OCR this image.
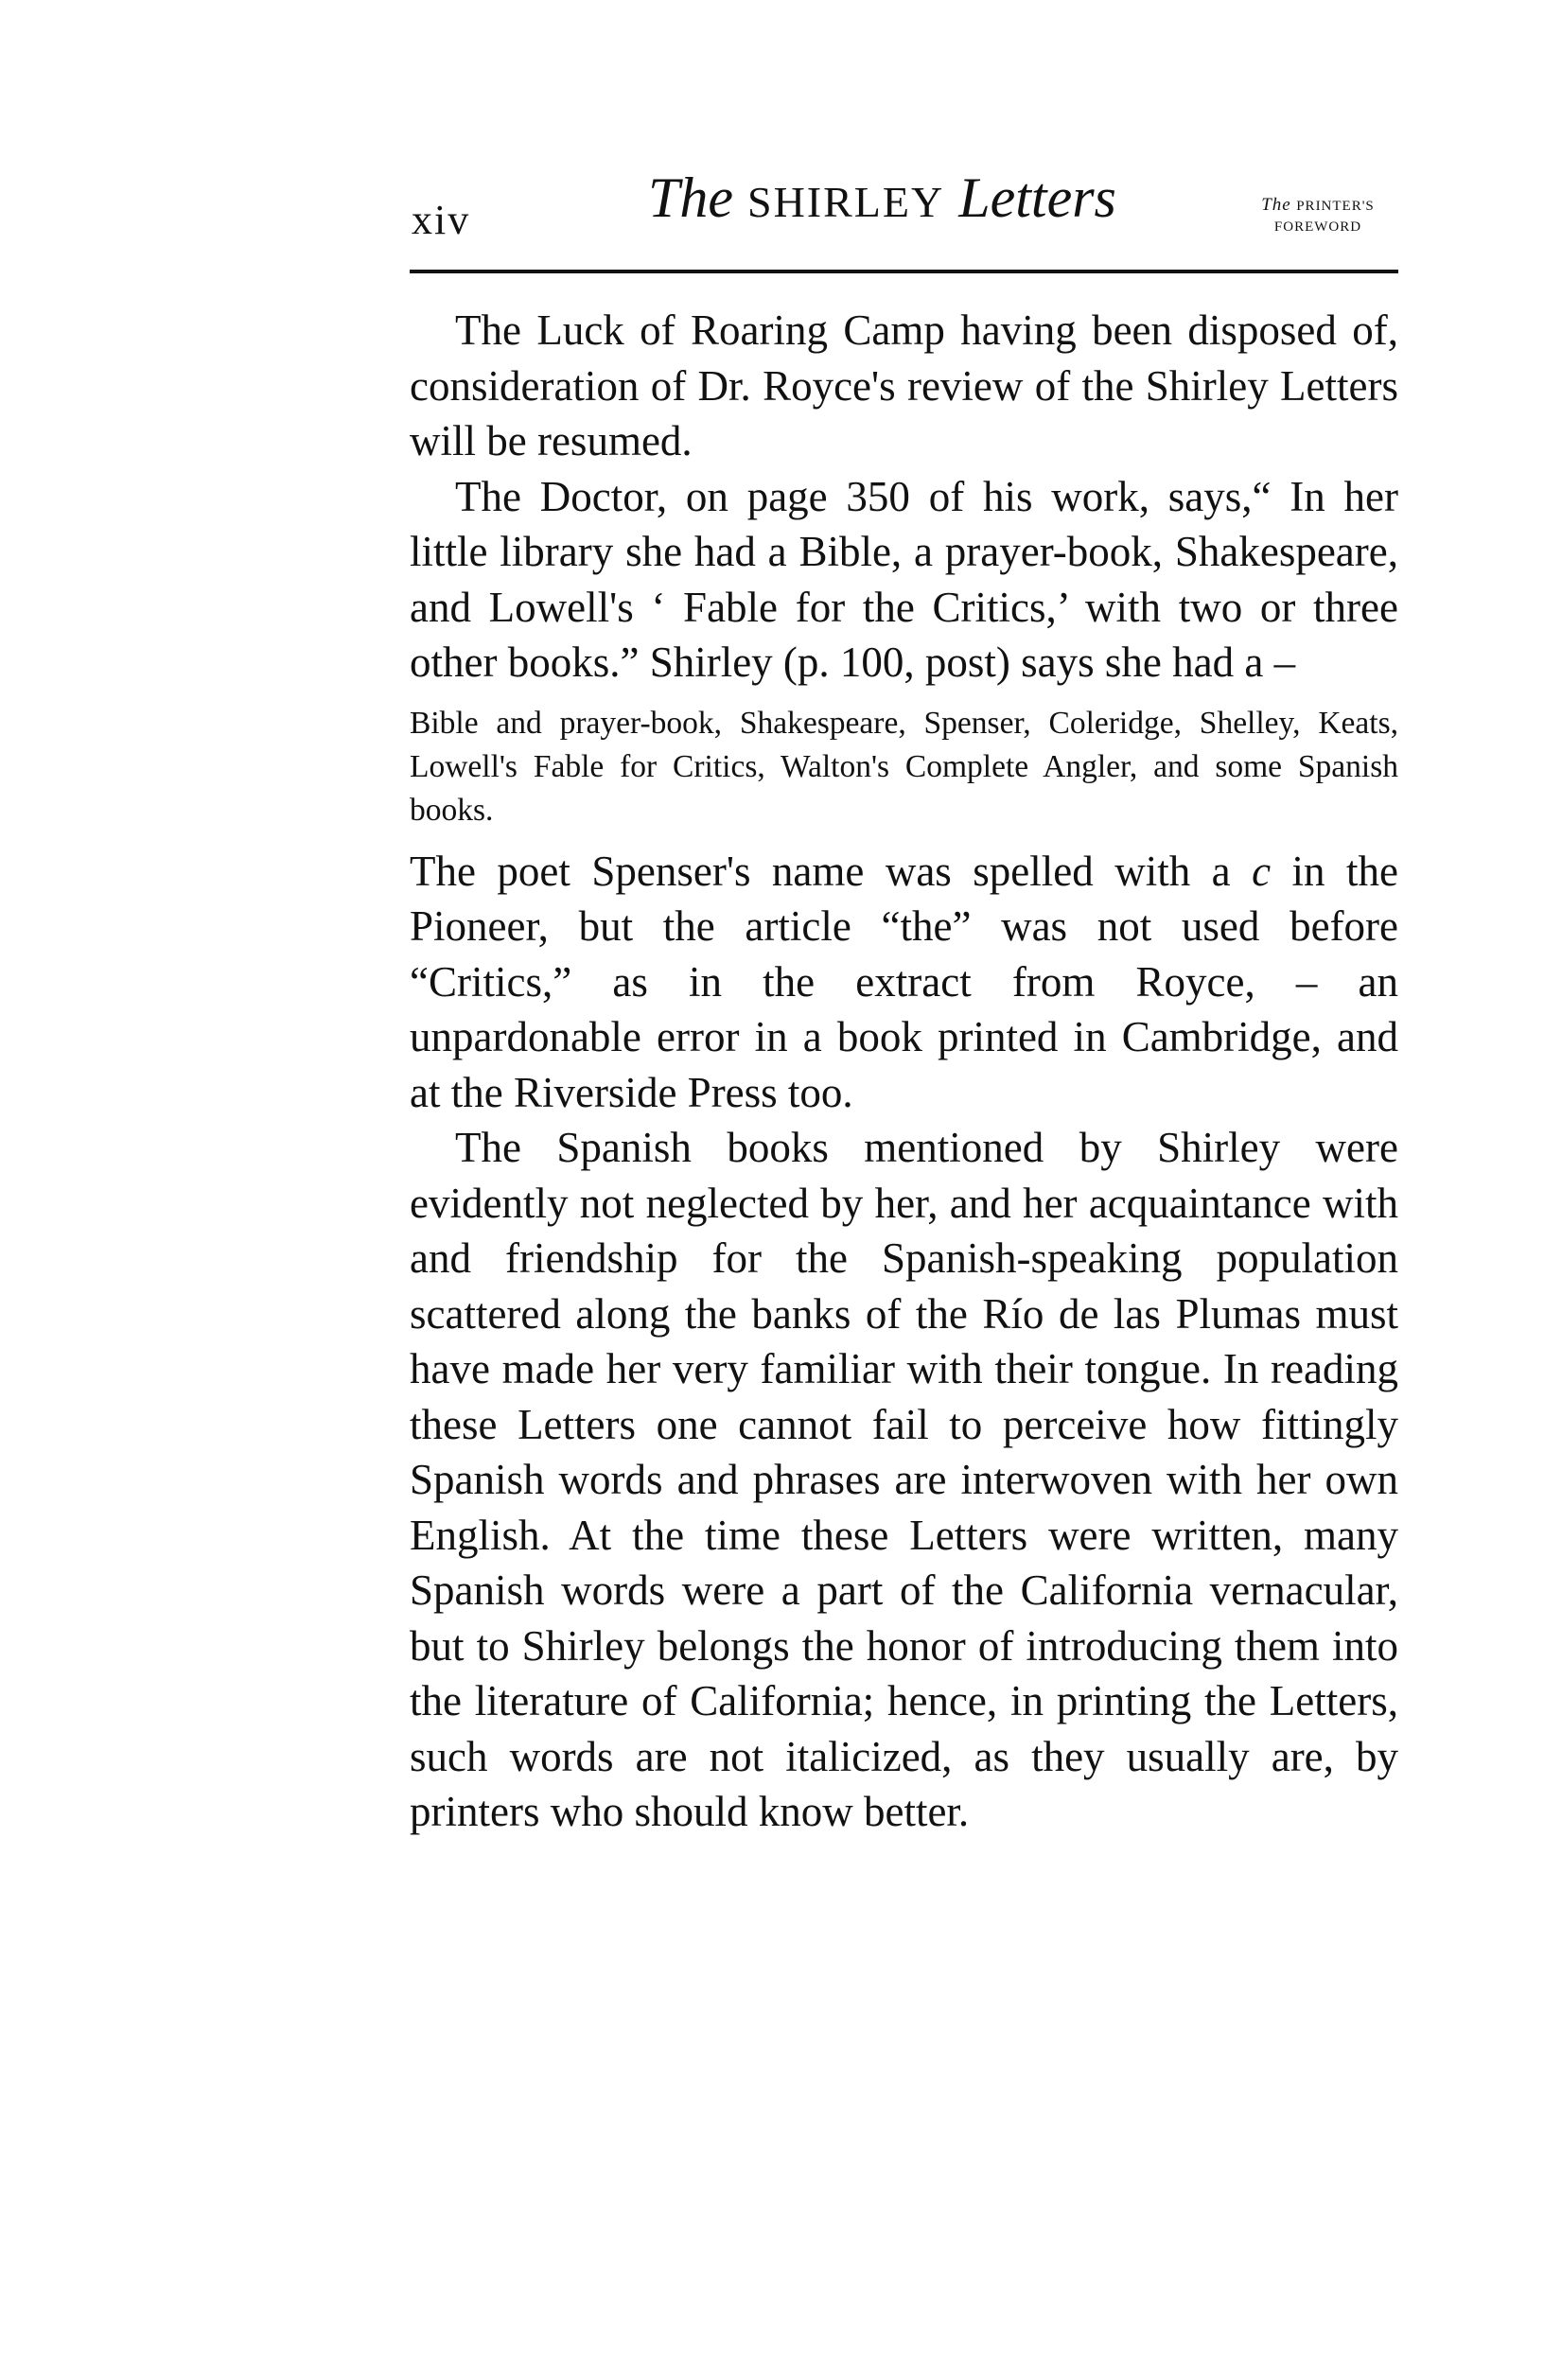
xiv	The SHIRLEY Letters	The PRINTER'S
FOREWORD

The Luck of Roaring Camp having been disposed of, consideration of Dr. Royce's review of the Shirley Letters will be resumed.

The Doctor, on page 350 of his work, says,“ In her little library she had a Bible, a prayer-book, Shakespeare, and Lowell's ‘ Fable for the Critics,’ with two or three other books.” Shirley (p. 100, post) says she had a –

Bible and prayer-book, Shakespeare, Spenser, Coleridge, Shelley, Keats, Lowell's Fable for Critics, Walton's Complete Angler, and some Spanish books.

The poet Spenser's name was spelled with a c in the Pioneer, but the article “the” was not used before “Critics,” as in the extract from Royce, – an unpardonable error in a book printed in Cambridge, and at the Riverside Press too.

The Spanish books mentioned by Shirley were evidently not neglected by her, and her acquaintance with and friendship for the Spanish-speaking population scattered along the banks of the Río de las Plumas must have made her very familiar with their tongue. In reading these Letters one cannot fail to perceive how fittingly Spanish words and phrases are interwoven with her own English. At the time these Letters were written, many Spanish words were a part of the California vernacular, but to Shirley belongs the honor of introducing them into the literature of California; hence, in printing the Letters, such words are not italicized, as they usually are, by printers who should know better.
